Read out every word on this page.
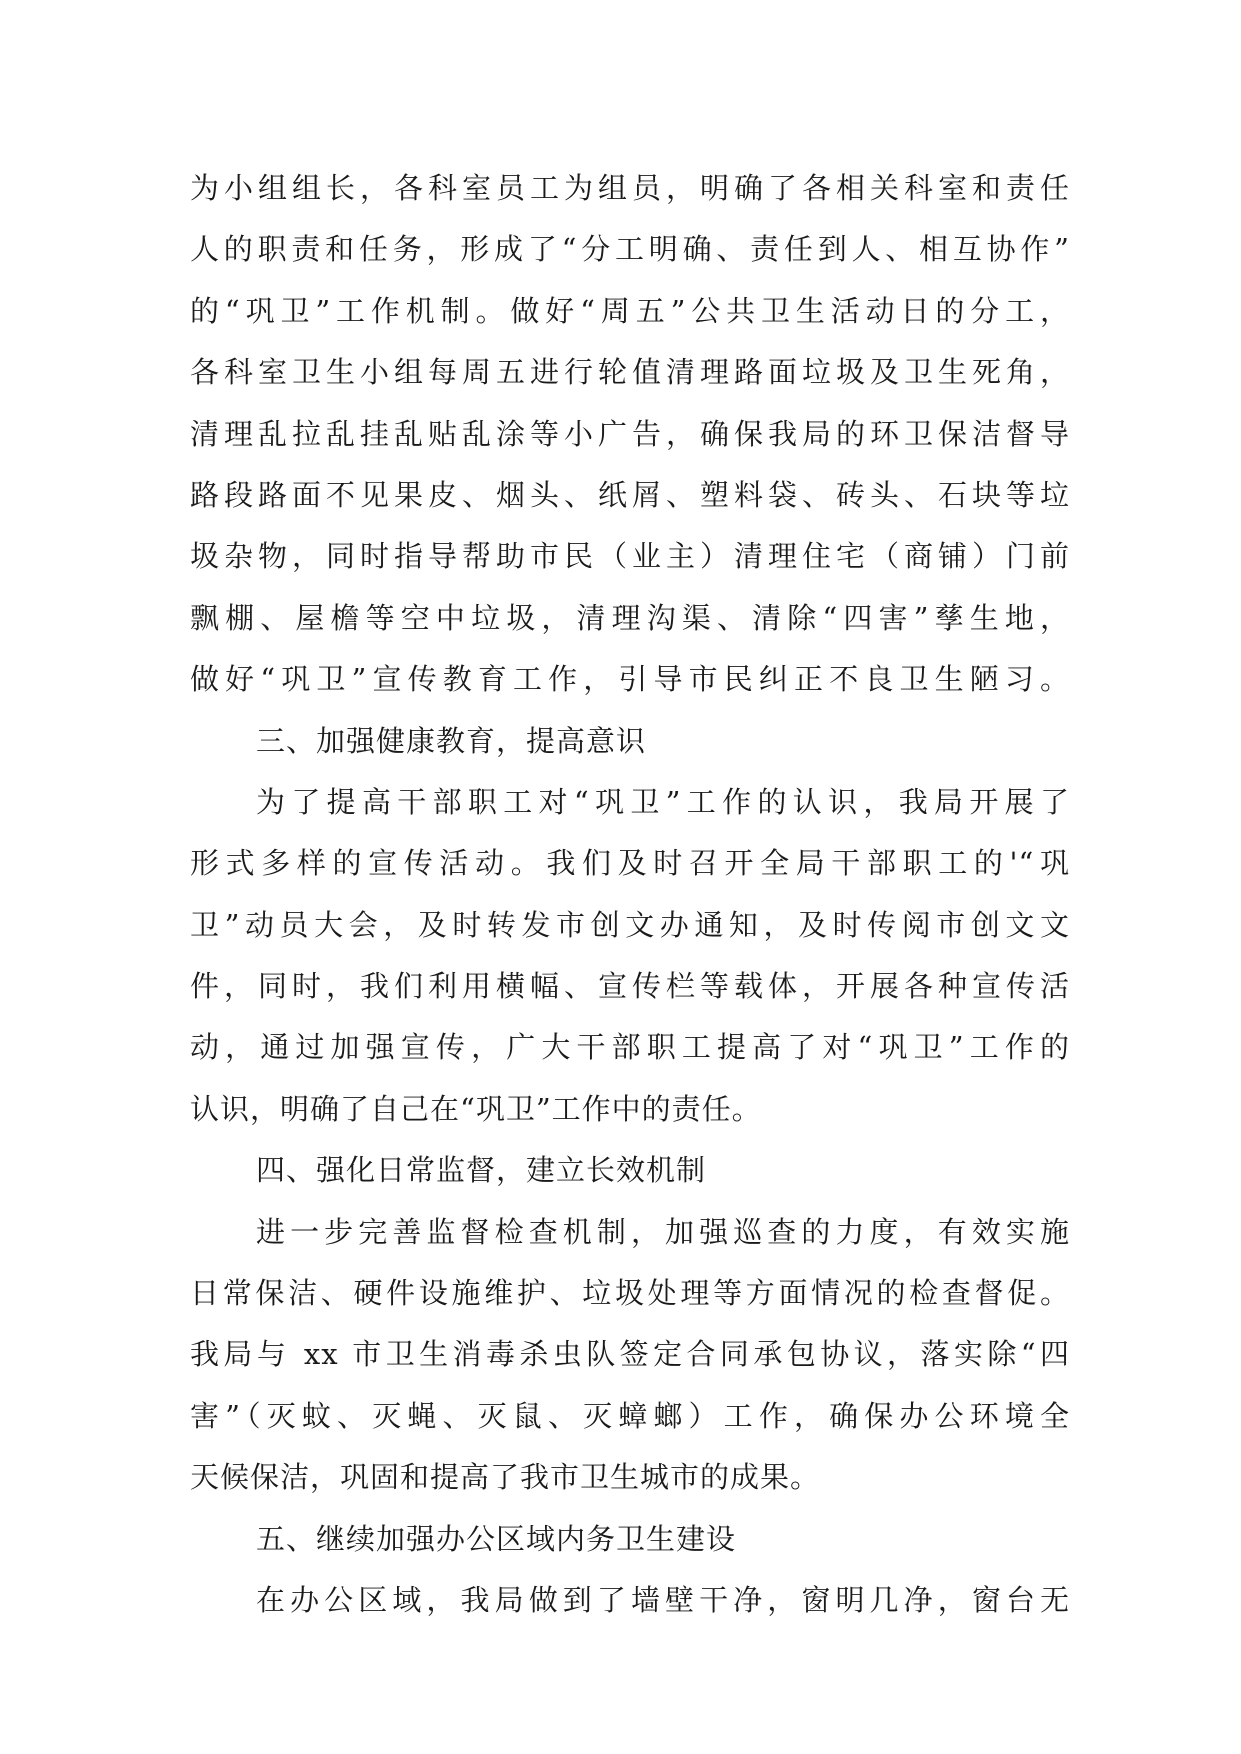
为小组组长，各科室员工为组员，明确了各相关科室和责任
人的职责和任务，形成了“分工明确、责任到人、相互协作”
的“巩卫”工作机制。做好“周五”公共卫生活动日的分工，
各科室卫生小组每周五进行轮值清理路面垃圾及卫生死角，
清理乱拉乱挂乱贴乱涂等小广告，确保我局的环卫保洁督导
路段路面不见果皮、烟头、纸屑、塑料袋、砖头、石块等垃
圾杂物，同时指导帮助市民（业主）清理住宅（商铺）门前
飘棚、屋檐等空中垃圾，清理沟渠、清除“四害”孳生地，
做好“巩卫”宣传教育工作，引导市民纠正不良卫生陋习。
三、加强健康教育，提高意识
为了提高干部职工对“巩卫”工作的认识，我局开展了
形式多样的宣传活动。我们及时召开全局干部职工的'“巩
卫”动员大会，及时转发市创文办通知，及时传阅市创文文
件，同时，我们利用横幅、宣传栏等载体，开展各种宣传活
动，通过加强宣传，广大干部职工提高了对“巩卫”工作的
认识，明确了自己在“巩卫”工作中的责任。
四、强化日常监督，建立长效机制
进一步完善监督检查机制，加强巡查的力度，有效实施
日常保洁、硬件设施维护、垃圾处理等方面情况的检查督促。
我局与 xx 市卫生消毒杀虫队签定合同承包协议，落实除“四
害”（灭蚊、灭蝇、灭鼠、灭蟑螂）工作，确保办公环境全
天候保洁，巩固和提高了我市卫生城市的成果。
五、继续加强办公区域内务卫生建设
在办公区域，我局做到了墙壁干净，窗明几净，窗台无
